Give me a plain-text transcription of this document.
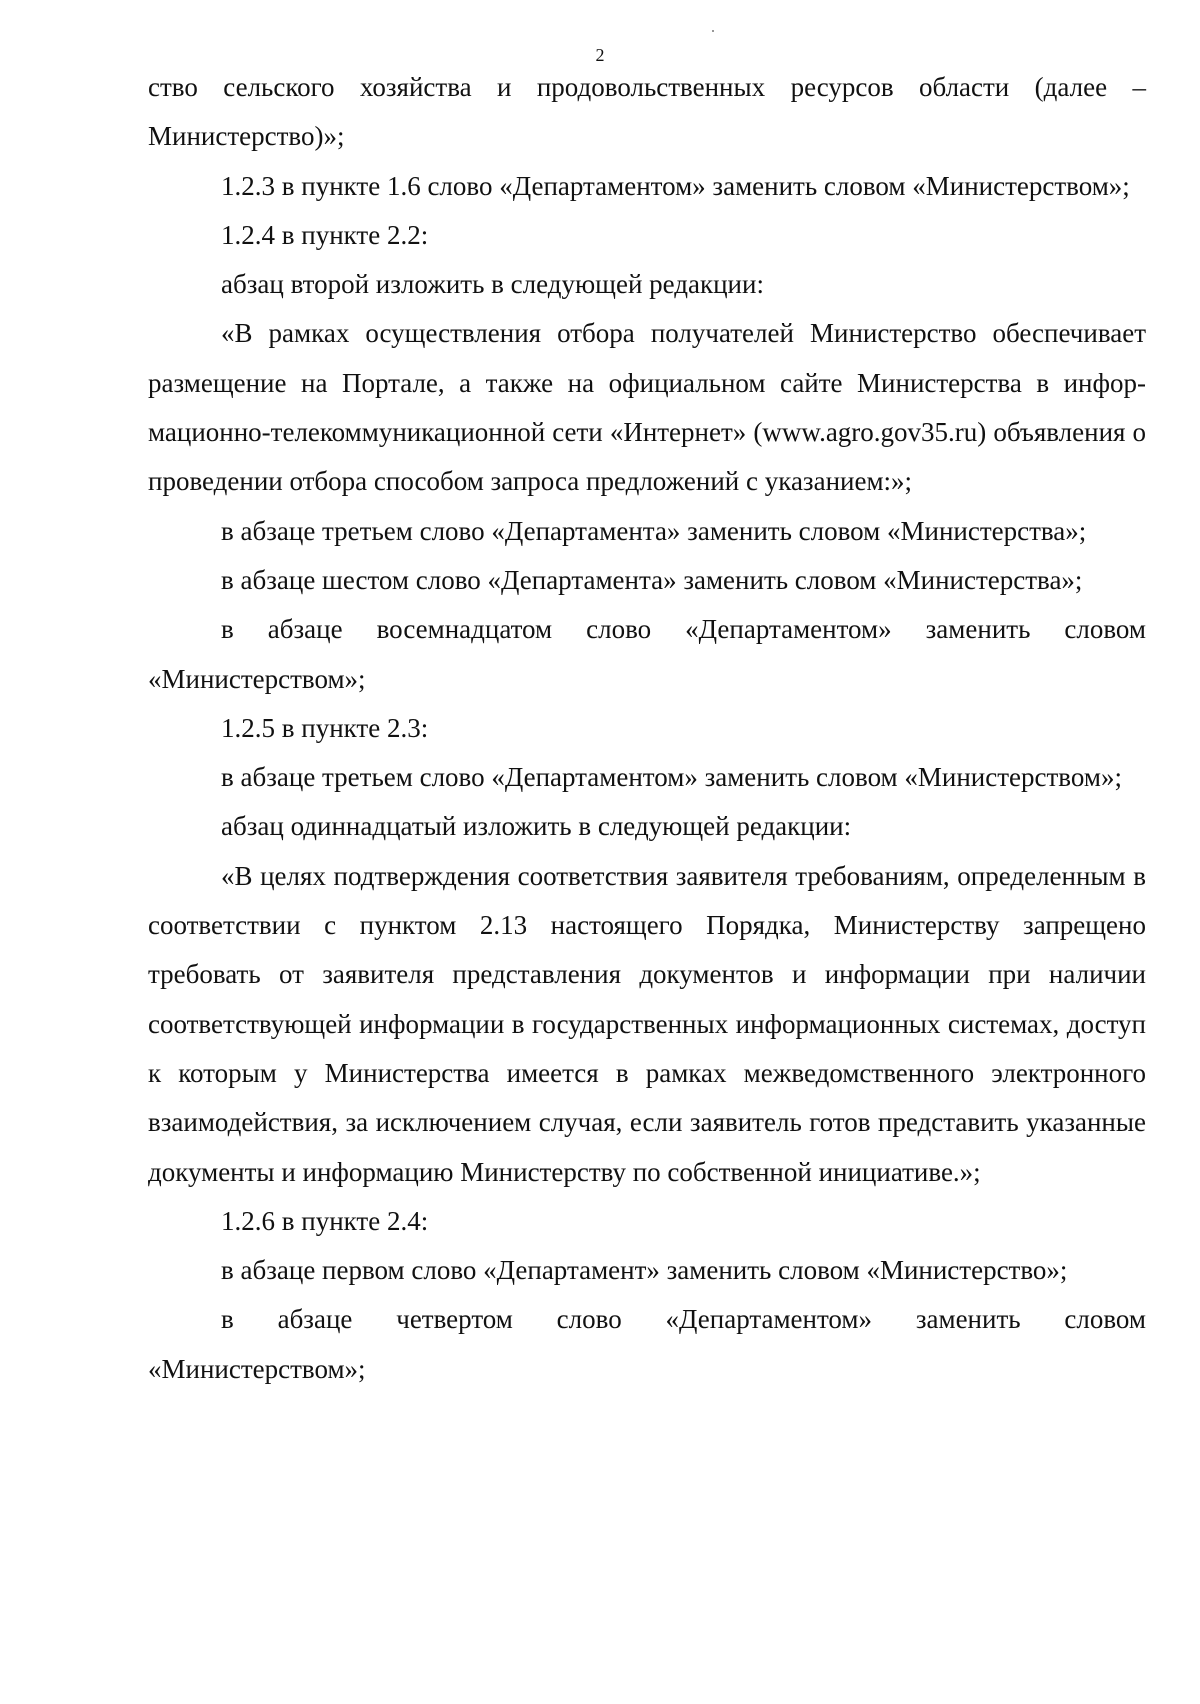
2

ство сельского хозяйства и продовольственных ресурсов области (далее – Министерство)»;

1.2.3 в пункте 1.6 слово «Департаментом» заменить словом «Министерством»;

1.2.4 в пункте 2.2:

абзац второй изложить в следующей редакции:

«В рамках осуществления отбора получателей Министерство обеспечивает размещение на Портале, а также на официальном сайте Министерства в информационно-телекоммуникационной сети «Интернет» (www.agro.gov35.ru) объявления о проведении отбора способом запроса предложений с указанием:»;

в абзаце третьем слово «Департамента» заменить словом «Министерства»;

в абзаце шестом слово «Департамента» заменить словом «Министерства»;

в абзаце восемнадцатом слово «Департаментом» заменить словом «Министерством»;

1.2.5 в пункте 2.3:

в абзаце третьем слово «Департаментом» заменить словом «Министерством»;

абзац одиннадцатый изложить в следующей редакции:

«В целях подтверждения соответствия заявителя требованиям, определенным в соответствии с пунктом 2.13 настоящего Порядка, Министерству запрещено требовать от заявителя представления документов и информации при наличии соответствующей информации в государственных информационных системах, доступ к которым у Министерства имеется в рамках межведомственного электронного взаимодействия, за исключением случая, если заявитель готов представить указанные документы и информацию Министерству по собственной инициативе.»;

1.2.6 в пункте 2.4:

в абзаце первом слово «Департамент» заменить словом «Министерство»;

в абзаце четвертом слово «Департаментом» заменить словом «Министерством»;
